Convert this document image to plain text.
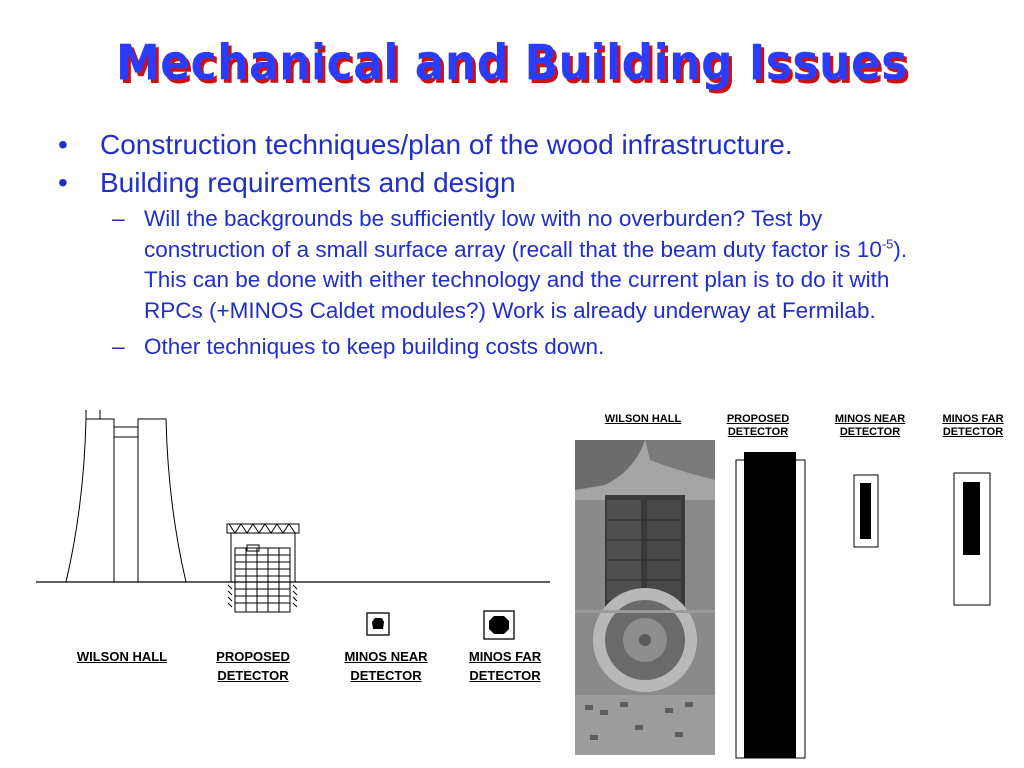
Mechanical and Building Issues
• Construction techniques/plan of the wood infrastructure.
• Building requirements and design
– Will the backgrounds be sufficiently low with no overburden? Test by construction of a small surface array (recall that the beam duty factor is $10^{-5}$). This can be done with either technology and the current plan is to do it with RPCs (+MINOS Caldet modules?) Work is already underway at Fermilab.
– Other techniques to keep building costs down.
WILSON HALL	PROPOSED
DETECTOR
MINOS NEAR
DETECTOR
MINOS FAR
DETECTOR
WILSON HALL	PROPOSED
DETECTOR
MINOS NEAR
DETECTOR
MINOS FAR
DETECTOR
